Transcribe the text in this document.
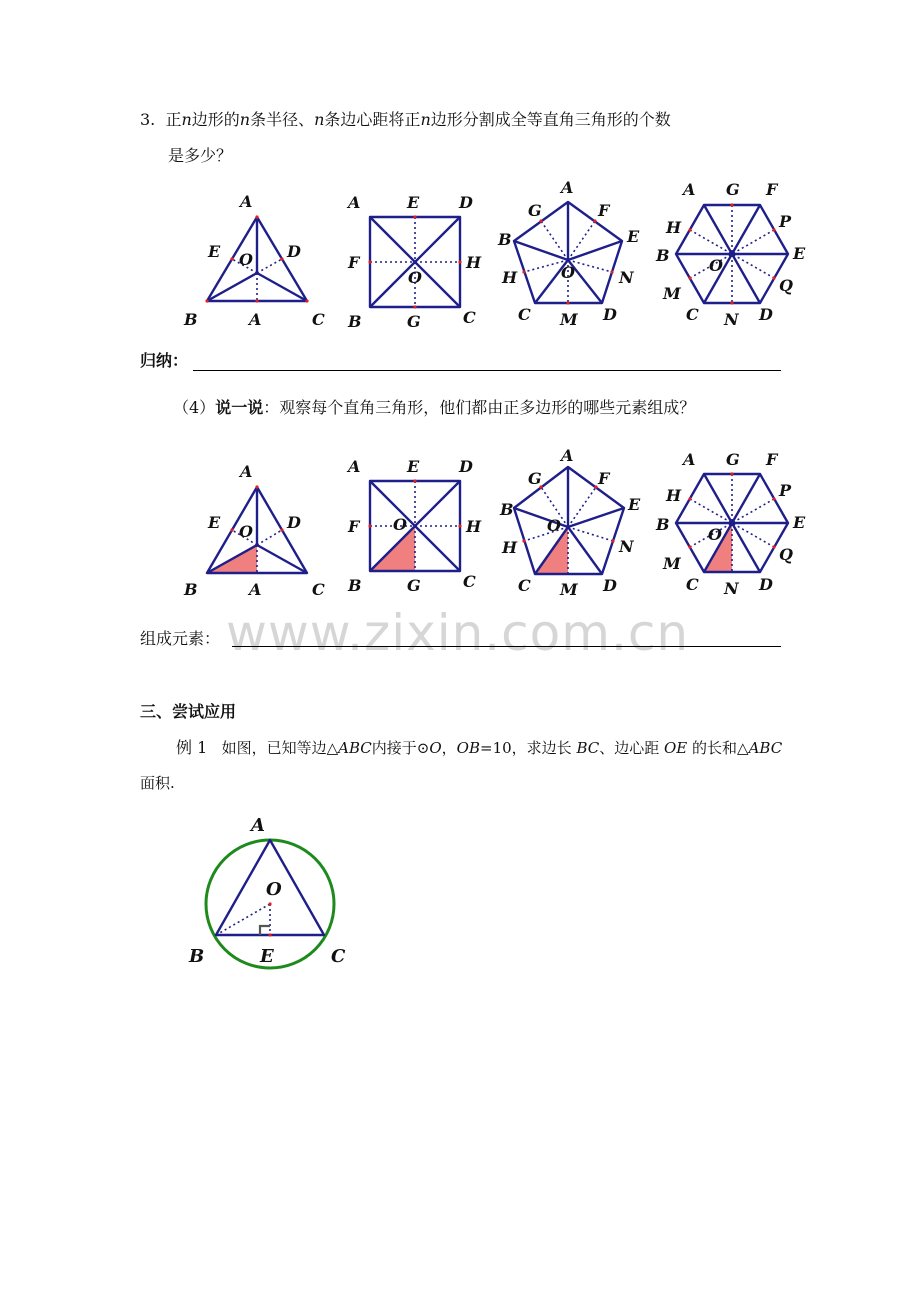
3. 正n边形的n条半径、n条边心距将正n边形分割成全等直角三角形的个数
是多少？
A
B	C
E	D
O
A
A	E D
F	H
O
B	G	C
A
G	F
B	E
H	O	N
C M D
A G F
H	P
B	E
O
M	Q
C N D
归纳：
（4）说一说：观察每个直角三角形，他们都由正多边形的哪些元素组成？
A
B	C
E	D
O
A
A	E D
F	H
O
B	G	C
A
G	F
B	E
H
O
N
C M D
A G F
H	P
B	E
O
M	Q
C N D
www.zixin.com.cn
组成元素：
三、尝试应用
例 1 如图，已知等边△ABC内接于⊙O，OB=10，求边长 BC、边心距 OE 的长和△ABC
面积.
A
O
B	E	C
